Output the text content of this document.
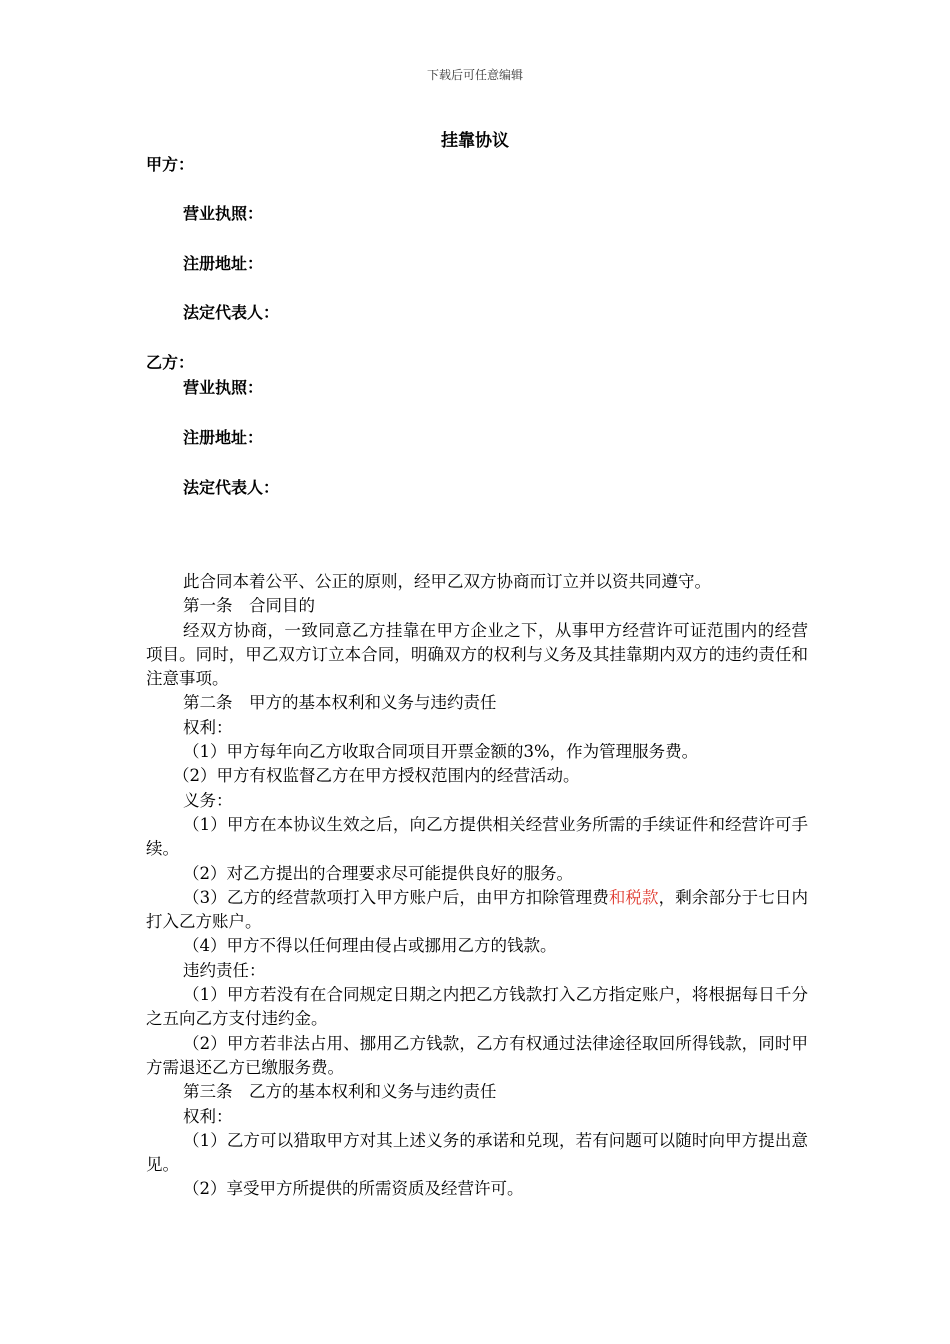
下载后可任意编辑
挂靠协议
甲方：
营业执照：
注册地址：
法定代表人：
乙方：
营业执照：
注册地址：
法定代表人：

此合同本着公平、公正的原则，经甲乙双方协商而订立并以资共同遵守。

第一条　合同目的

经双方协商，一致同意乙方挂靠在甲方企业之下，从事甲方经营许可证范围内的经营项目。同时，甲乙双方订立本合同，明确双方的权利与义务及其挂靠期内双方的违约责任和注意事项。

第二条　甲方的基本权利和义务与违约责任

权利：

（1）甲方每年向乙方收取合同项目开票金额的3%，作为管理服务费。

（2）甲方有权监督乙方在甲方授权范围内的经营活动。

义务：

（1）甲方在本协议生效之后，向乙方提供相关经营业务所需的手续证件和经营许可手续。

（2）对乙方提出的合理要求尽可能提供良好的服务。

（3）乙方的经营款项打入甲方账户后，由甲方扣除管理费和税款，剩余部分于七日内打入乙方账户。

（4）甲方不得以任何理由侵占或挪用乙方的钱款。

违约责任：

（1）甲方若没有在合同规定日期之内把乙方钱款打入乙方指定账户，将根据每日千分之五向乙方支付违约金。

（2）甲方若非法占用、挪用乙方钱款，乙方有权通过法律途径取回所得钱款，同时甲方需退还乙方已缴服务费。

第三条　乙方的基本权利和义务与违约责任

权利：

（1）乙方可以猎取甲方对其上述义务的承诺和兑现，若有问题可以随时向甲方提出意见。

（2）享受甲方所提供的所需资质及经营许可。
